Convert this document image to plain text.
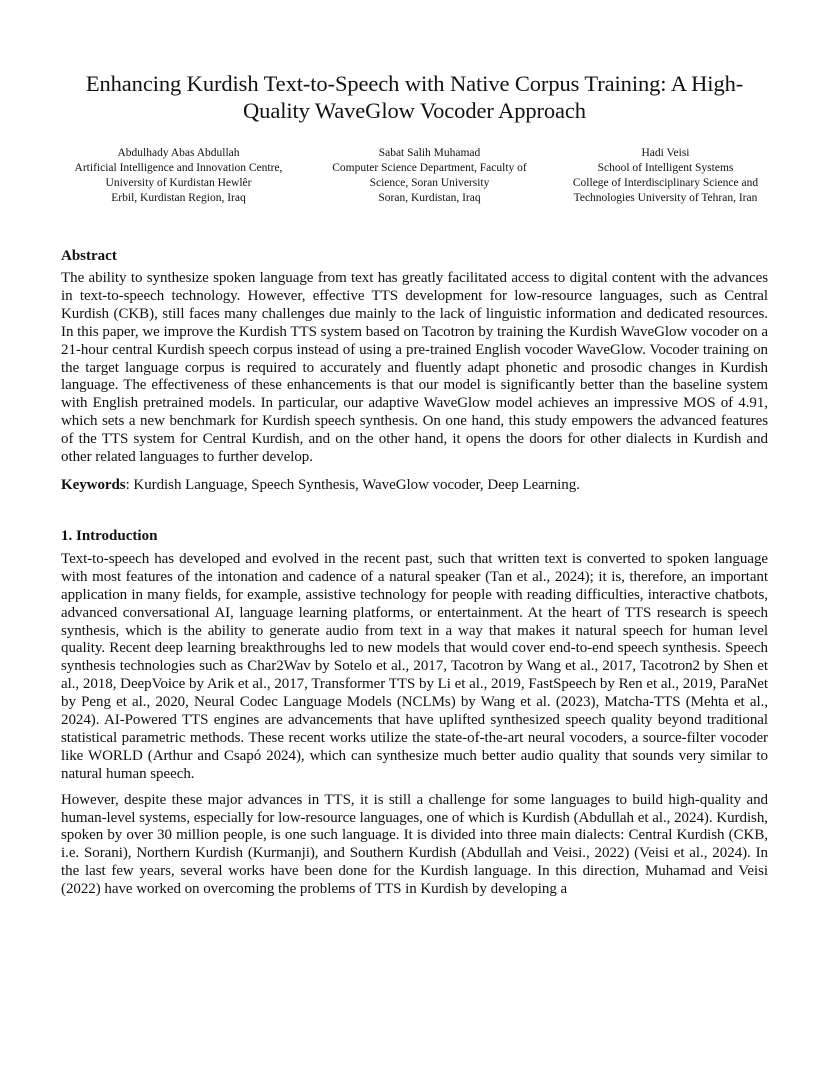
Enhancing Kurdish Text-to-Speech with Native Corpus Training: A High-Quality WaveGlow Vocoder Approach
Abdulhady Abas Abdullah
Artificial Intelligence and Innovation Centre,
University of Kurdistan Hewlêr
Erbil, Kurdistan Region, Iraq
Sabat Salih Muhamad
Computer Science Department, Faculty of
Science, Soran University
Soran, Kurdistan, Iraq
Hadi Veisi
School of Intelligent Systems
College of Interdisciplinary Science and
Technologies University of Tehran, Iran
Abstract

The ability to synthesize spoken language from text has greatly facilitated access to digital content with the advances in text-to-speech technology. However, effective TTS development for low-resource languages, such as Central Kurdish (CKB), still faces many challenges due mainly to the lack of linguistic information and dedicated resources. In this paper, we improve the Kurdish TTS system based on Tacotron by training the Kurdish WaveGlow vocoder on a 21-hour central Kurdish speech corpus instead of using a pre-trained English vocoder WaveGlow. Vocoder training on the target language corpus is required to accurately and fluently adapt phonetic and prosodic changes in Kurdish language. The effectiveness of these enhancements is that our model is significantly better than the baseline system with English pretrained models. In particular, our adaptive WaveGlow model achieves an impressive MOS of 4.91, which sets a new benchmark for Kurdish speech synthesis. On one hand, this study empowers the advanced features of the TTS system for Central Kurdish, and on the other hand, it opens the doors for other dialects in Kurdish and other related languages to further develop.

Keywords: Kurdish Language, Speech Synthesis, WaveGlow vocoder, Deep Learning.

1. Introduction

Text-to-speech has developed and evolved in the recent past, such that written text is converted to spoken language with most features of the intonation and cadence of a natural speaker (Tan et al., 2024); it is, therefore, an important application in many fields, for example, assistive technology for people with reading difficulties, interactive chatbots, advanced conversational AI, language learning platforms, or entertainment. At the heart of TTS research is speech synthesis, which is the ability to generate audio from text in a way that makes it natural speech for human level quality. Recent deep learning breakthroughs led to new models that would cover end-to-end speech synthesis. Speech synthesis technologies such as Char2Wav by Sotelo et al., 2017, Tacotron by Wang et al., 2017, Tacotron2 by Shen et al., 2018, DeepVoice by Arik et al., 2017, Transformer TTS by Li et al., 2019, FastSpeech by Ren et al., 2019, ParaNet by Peng et al., 2020, Neural Codec Language Models (NCLMs) by Wang et al. (2023), Matcha-TTS (Mehta et al., 2024). AI-Powered TTS engines are advancements that have uplifted synthesized speech quality beyond traditional statistical parametric methods. These recent works utilize the state-of-the-art neural vocoders, a source-filter vocoder like WORLD (Arthur and Csapó 2024), which can synthesize much better audio quality that sounds very similar to natural human speech.

However, despite these major advances in TTS, it is still a challenge for some languages to build high-quality and human-level systems, especially for low-resource languages, one of which is Kurdish (Abdullah et al., 2024). Kurdish, spoken by over 30 million people, is one such language. It is divided into three main dialects: Central Kurdish (CKB, i.e. Sorani), Northern Kurdish (Kurmanji), and Southern Kurdish (Abdullah and Veisi., 2022) (Veisi et al., 2024). In the last few years, several works have been done for the Kurdish language. In this direction, Muhamad and Veisi (2022) have worked on overcoming the problems of TTS in Kurdish by developing a
